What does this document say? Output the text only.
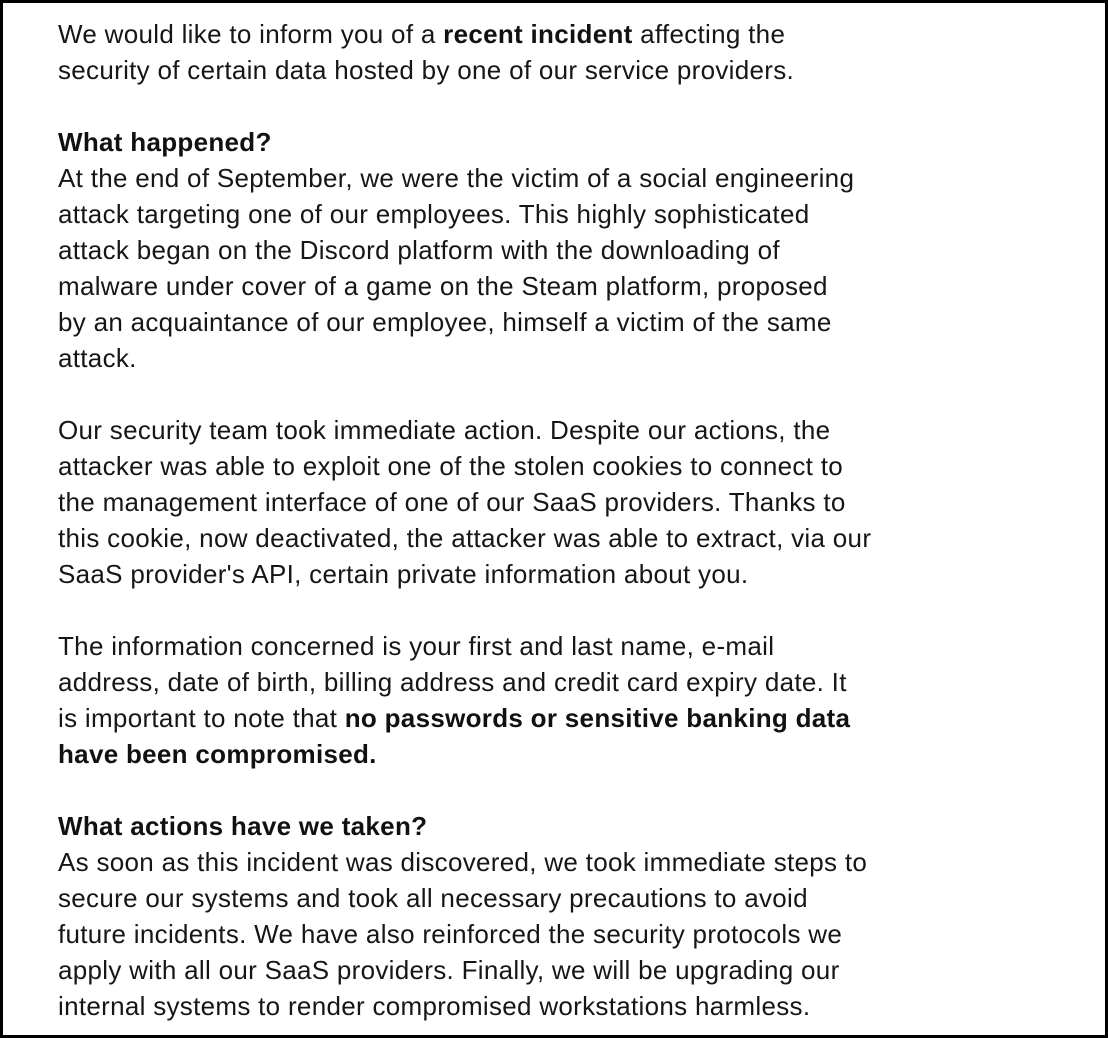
We would like to inform you of a recent incident affecting the
security of certain data hosted by one of our service providers.
What happened?
At the end of September, we were the victim of a social engineering
attack targeting one of our employees. This highly sophisticated
attack began on the Discord platform with the downloading of
malware under cover of a game on the Steam platform, proposed
by an acquaintance of our employee, himself a victim of the same
attack.
Our security team took immediate action. Despite our actions, the
attacker was able to exploit one of the stolen cookies to connect to
the management interface of one of our SaaS providers. Thanks to
this cookie, now deactivated, the attacker was able to extract, via our
SaaS provider's API, certain private information about you.
The information concerned is your first and last name, e-mail
address, date of birth, billing address and credit card expiry date. It
is important to note that no passwords or sensitive banking data
have been compromised.
What actions have we taken?
As soon as this incident was discovered, we took immediate steps to
secure our systems and took all necessary precautions to avoid
future incidents. We have also reinforced the security protocols we
apply with all our SaaS providers. Finally, we will be upgrading our
internal systems to render compromised workstations harmless.
